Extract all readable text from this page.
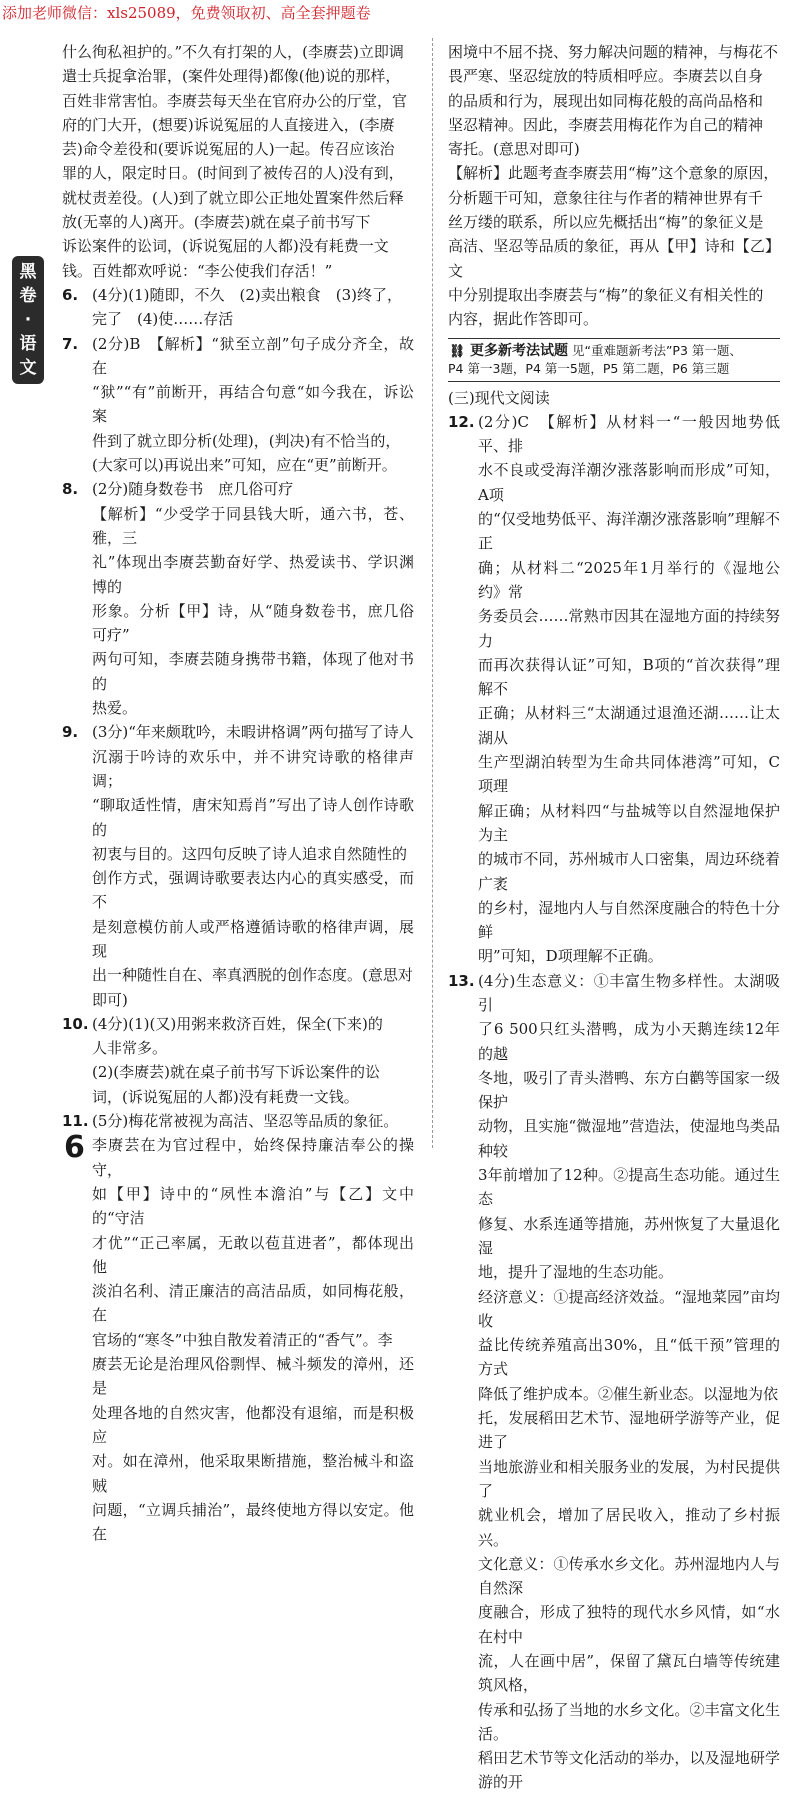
添加老师微信：xls25089，免费领取初、高全套押题卷
黑
卷
·
语
文
什么徇私袒护的。”不久有打架的人，(李赓芸)立即调
遣士兵捉拿治罪，(案件处理得)都像(他)说的那样，
百姓非常害怕。李赓芸每天坐在官府办公的厅堂，官
府的门大开，(想要)诉说冤屈的人直接进入，(李赓
芸)命令差役和(要诉说冤屈的人)一起。传召应该治
罪的人，限定时日。(时间到了被传召的人)没有到，
就杖责差役。(人)到了就立即公正地处置案件然后释
放(无辜的人)离开。(李赓芸)就在桌子前书写下
诉讼案件的讼词，(诉说冤屈的人都)没有耗费一文
钱。百姓都欢呼说：“李公使我们存活！”
6. (4分)(1)随即，不久　(2)卖出粮食　(3)终了，
完了　(4)使……存活
7. (2分)B　【解析】“狱至立剖”句子成分齐全，故在
“狱”“有”前断开，再结合句意“如今我在，诉讼案
件到了就立即分析(处理)，(判决)有不恰当的，
(大家可以)再说出来”可知，应在“更”前断开。
8. (2分)随身数卷书　庶几俗可疗
【解析】“少受学于同县钱大昕，通六书，苍、雅，三
礼”体现出李赓芸勤奋好学、热爱读书、学识渊博的
形象。分析【甲】诗，从“随身数卷书，庶几俗可疗”
两句可知，李赓芸随身携带书籍，体现了他对书的
热爱。
9. (3分)“年来颇耽吟，未暇讲格调”两句描写了诗人
沉溺于吟诗的欢乐中，并不讲究诗歌的格律声调；
“聊取适性情，唐宋知焉肖”写出了诗人创作诗歌的
初衷与目的。这四句反映了诗人追求自然随性的
创作方式，强调诗歌要表达内心的真实感受，而不
是刻意模仿前人或严格遵循诗歌的格律声调，展现
出一种随性自在、率真洒脱的创作态度。(意思对
即可)
10. (4分)(1)(又)用粥来救济百姓，保全(下来)的
人非常多。
(2)(李赓芸)就在桌子前书写下诉讼案件的讼
词，(诉说冤屈的人都)没有耗费一文钱。
11. (5分)梅花常被视为高洁、坚忍等品质的象征。
李赓芸在为官过程中，始终保持廉洁奉公的操守，
如【甲】诗中的“夙性本澹泊”与【乙】文中的“守洁
才优”“正己率属，无敢以苞苴进者”，都体现出他
淡泊名利、清正廉洁的高洁品质，如同梅花般，在
官场的“寒冬”中独自散发着清正的“香气”。李
赓芸无论是治理风俗剽悍、械斗频发的漳州，还是
处理各地的自然灾害，他都没有退缩，而是积极应
对。如在漳州，他采取果断措施，整治械斗和盗贼
问题，“立调兵捕治”，最终使地方得以安定。他在
困境中不屈不挠、努力解决问题的精神，与梅花不
畏严寒、坚忍绽放的特质相呼应。李赓芸以自身
的品质和行为，展现出如同梅花般的高尚品格和
坚忍精神。因此，李赓芸用梅花作为自己的精神
寄托。(意思对即可)
【解析】此题考查李赓芸用“梅”这个意象的原因，
分析题干可知，意象往往与作者的精神世界有千
丝万缕的联系，所以应先概括出“梅”的象征义是
高洁、坚忍等品质的象征，再从【甲】诗和【乙】文
中分别提取出李赓芸与“梅”的象征义有相关性的
内容，据此作答即可。
⛓ 更多新考法试题 见“重难题新考法”P3 第一题、
P4 第一3题，P4 第一5题，P5 第二题，P6 第三题
(三)现代文阅读
12. (2分)C　【解析】从材料一“一般因地势低平、排
水不良或受海洋潮汐涨落影响而形成”可知，A项
的“仅受地势低平、海洋潮汐涨落影响”理解不正
确；从材料二“2025年1月举行的《湿地公约》常
务委员会……常熟市因其在湿地方面的持续努力
而再次获得认证”可知，B项的“首次获得”理解不
正确；从材料三“太湖通过退渔还湖……让太湖从
生产型湖泊转型为生命共同体港湾”可知，C项理
解正确；从材料四“与盐城等以自然湿地保护为主
的城市不同，苏州城市人口密集，周边环绕着广袤
的乡村，湿地内人与自然深度融合的特色十分鲜
明”可知，D项理解不正确。
13. (4分)生态意义：①丰富生物多样性。太湖吸引
了6 500只红头潜鸭，成为小天鹅连续12年的越
冬地，吸引了青头潜鸭、东方白鹳等国家一级保护
动物，且实施“微湿地”营造法，使湿地鸟类品种较
3年前增加了12种。②提高生态功能。通过生态
修复、水系连通等措施，苏州恢复了大量退化湿
地，提升了湿地的生态功能。
经济意义：①提高经济效益。“湿地菜园”亩均收
益比传统养殖高出30%，且“低干预”管理的方式
降低了维护成本。②催生新业态。以湿地为依
托，发展稻田艺术节、湿地研学游等产业，促进了
当地旅游业和相关服务业的发展，为村民提供了
就业机会，增加了居民收入，推动了乡村振兴。
文化意义：①传承水乡文化。苏州湿地内人与自然深
度融合，形成了独特的现代水乡风情，如“水在村中
流，人在画中居”，保留了黛瓦白墙等传统建筑风格，
传承和弘扬了当地的水乡文化。②丰富文化生活。
稻田艺术节等文化活动的举办，以及湿地研学游的开
6
